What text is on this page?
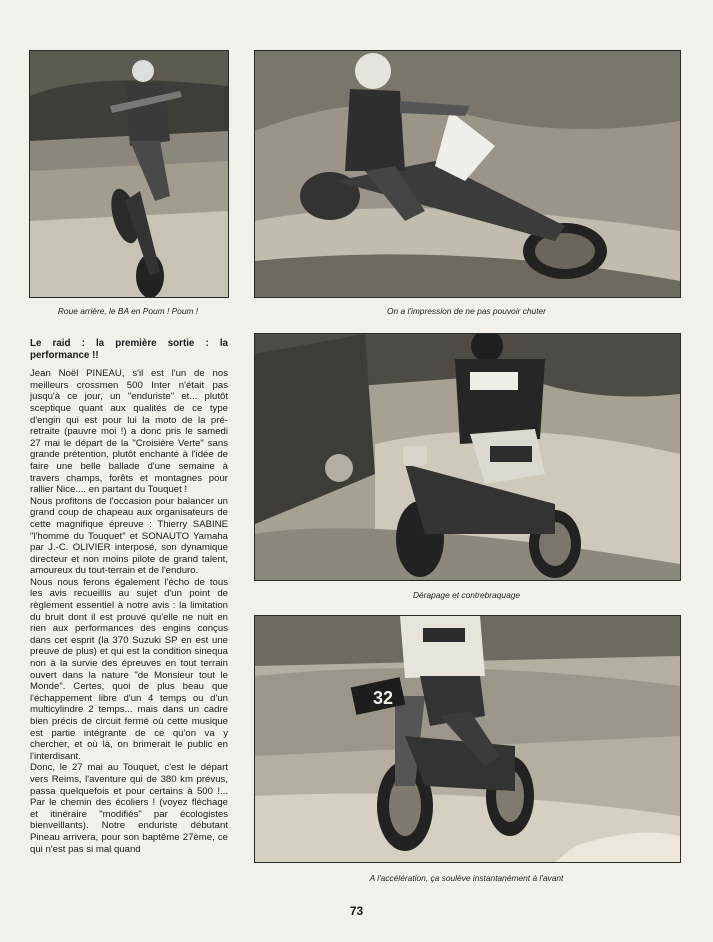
Roue arrière, le BA en Poum ! Poum !	On a l'impression de ne pas pouvoir chuter
Dérapage et contrebraquage
32
A l'accélération, ça soulève instantanément à l'avant
Le raid : la première sortie : la performance !!

Jean Noël PINEAU, s'il est l'un de nos meilleurs crossmen 500 Inter n'était pas jusqu'à ce jour, un "enduriste" et... plutôt sceptique quant aux qualités de ce type d'engin qui est pour lui la moto de la pré-retraite (pauvre moi !) a donc pris le samedi 27 mai le départ de la "Croisière Verte" sans grande prétention, plutôt enchanté à l'idée de faire une belle ballade d'une semaine à travers champs, forêts et montagnes pour rallier Nice.... en partant du Touquet !

Nous profitons de l'occasion pour balancer un grand coup de chapeau aux organisateurs de cette magnifique épreuve : Thierry SABINE "l'homme du Touquet" et SONAUTO Yamaha par J.-C. OLIVIER interposé, son dynamique directeur et non moins pilote de grand talent, amoureux du tout-terrain et de l'enduro.

Nous nous ferons également l'écho de tous les avis recueillis au sujet d'un point de règlement essentiel à notre avis : la limitation du bruit dont il est prouvé qu'elle ne nuit en rien aux performances des engins conçus dans cet esprit (la 370 Suzuki SP en est une preuve de plus) et qui est la condition sinequa non à la survie des épreuves en tout terrain ouvert dans la nature "de Monsieur tout le Monde". Certes, quoi de plus beau que l'échappement libre d'un 4 temps ou d'un multicylindre 2 temps... mais dans un cadre bien précis de circuit fermé où cette musique est partie intégrante de ce qu'on va y chercher, et où là, on brimerait le public en l'interdisant.

Donc, le 27 mai au Touquet, c'est le départ vers Reims, l'aventure qui de 380 km prévus, passa quelquefois et pour certains à 500 !... Par le chemin des écoliers ! (voyez fléchage et itinéraire "modifiés" par écologistes bienveillants). Notre enduriste débutant Pineau arrivera, pour son baptême 27ème, ce qui n'est pas si mal quand

73
